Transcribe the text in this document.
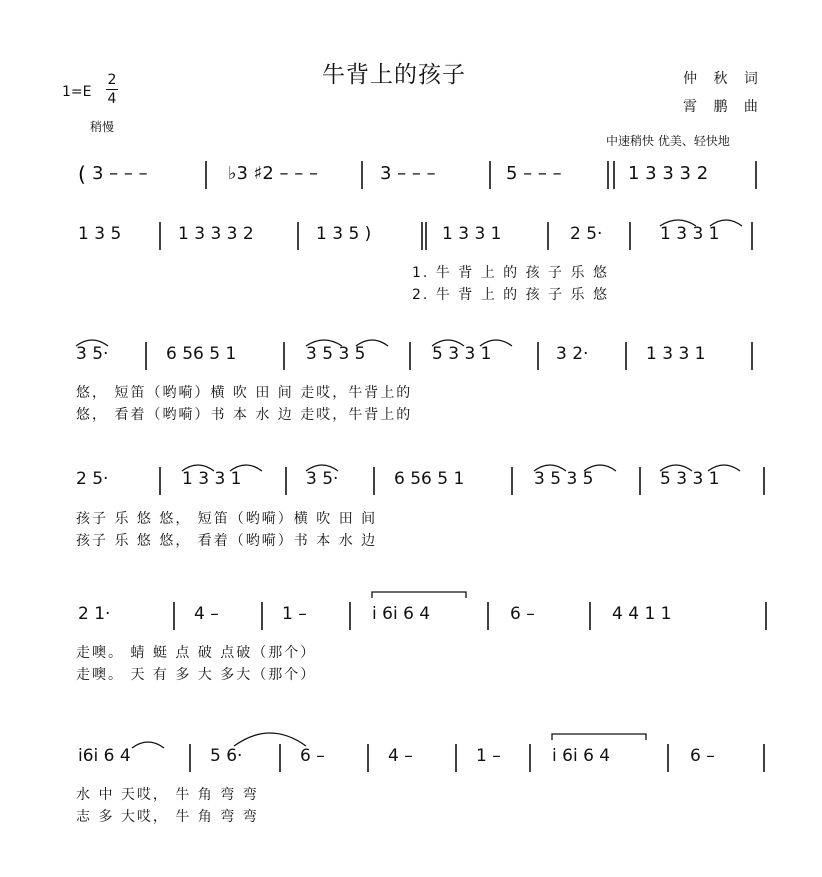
牛背上的孩子	仲 秋 词
霄 鹏 曲
1=E
2
4
稍慢
中速稍快 优美、轻快地
( 3 – – –	♭3 ♯2 – – –	3 – – –	5 – – –	1 3 3 3 2
1 3 5	1 3 3 3 2	1 3 5 )	1 3 3 1	2 5·	1 3 3 1
1. 牛 背 上 的 孩 子 乐 悠
2. 牛 背 上 的 孩 子 乐 悠
3 5·	6 56 5 1	3 5 3 5	5 3 3 1	3 2·	1 3 3 1
悠， 短笛（哟嗬）横 吹 田 间 走哎，牛背上的
悠， 看着（哟嗬）书 本 水 边 走哎，牛背上的
2 5·	1 3 3 1	3 5·	6 56 5 1	3 5 3 5	5 3 3 1
孩子 乐 悠 悠， 短笛（哟嗬）横 吹 田 间
孩子 乐 悠 悠， 看着（哟嗬）书 本 水 边
2 1·	4 –	1 –	i 6i 6 4	6 –	4 4 1 1
走噢。 蜻 蜓 点 破 点破（那个）
走噢。 天 有 多 大 多大（那个）
i6i 6 4	5 6·	6 –	4 –	1 –	i 6i 6 4	6 –
水 中 天哎， 牛 角 弯 弯
志 多 大哎， 牛 角 弯 弯
